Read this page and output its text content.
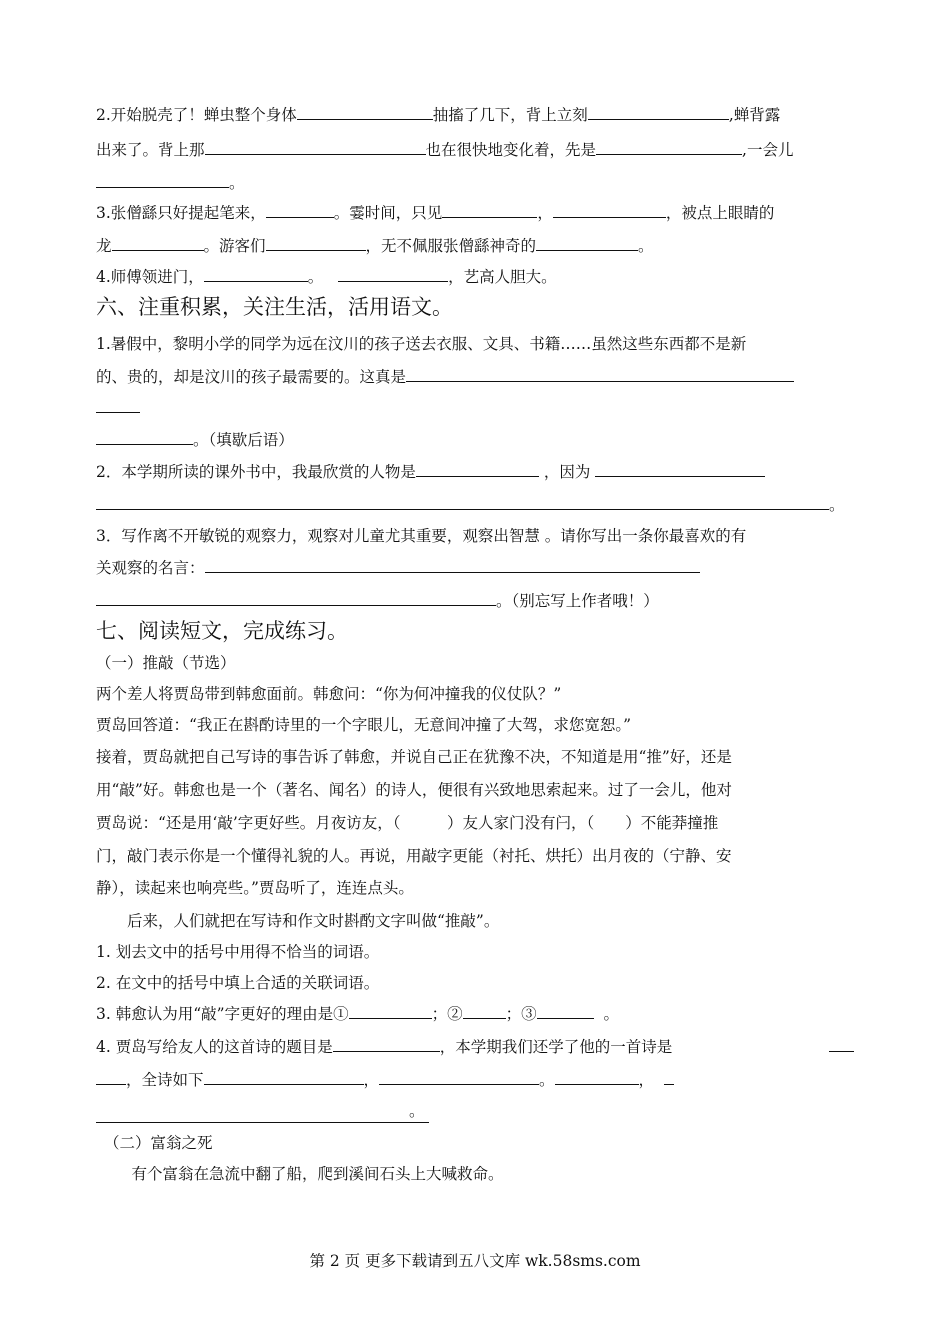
2.开始脱壳了！蝉虫整个身体	抽搐了几下，背上立刻	,蝉背露
出来了。背上那	也在很快地变化着，先是	,一会儿
。
3.张僧繇只好提起笔来，	。霎时间，只见	，	，被点上眼睛的
龙	。游客们	，无不佩服张僧繇神奇的	。
4.师傅领进门，	。	，艺高人胆大。
六、注重积累，关注生活，活用语文。
1.暑假中，黎明小学的同学为远在汶川的孩子送去衣服、文具、书籍……虽然这些东西都不是新
的、贵的，却是汶川的孩子最需要的。这真是
。（填歇后语）
2．本学期所读的课外书中，我最欣赏的人物是	，因为
。
3．写作离不开敏锐的观察力，观察对儿童尤其重要，观察出智慧 。请你写出一条你最喜欢的有
关观察的名言：
。（别忘写上作者哦！）
七、阅读短文，完成练习。
（一）推敲（节选）
两个差人将贾岛带到韩愈面前。韩愈问：“你为何冲撞我的仪仗队？”
贾岛回答道：“我正在斟酌诗里的一个字眼儿，无意间冲撞了大驾，求您宽恕。”
接着，贾岛就把自己写诗的事告诉了韩愈，并说自己正在犹豫不决，不知道是用“推”好，还是
用“敲”好。韩愈也是一个（著名、闻名）的诗人，便很有兴致地思索起来。过了一会儿，他对
贾岛说：“还是用‘敲’字更好些。月夜访友，（　　　）友人家门没有闩，（　　）不能莽撞推
门，敲门表示你是一个懂得礼貌的人。再说，用敲字更能（衬托、烘托）出月夜的（宁静、安
静），读起来也响亮些。”贾岛听了，连连点头。
　　后来，人们就把在写诗和作文时斟酌文字叫做“推敲”。
1. 划去文中的括号中用得不恰当的词语。
2. 在文中的括号中填上合适的关联词语。
3. 韩愈认为用“敲”字更好的理由是①	；②	；③	。
4. 贾岛写给友人的这首诗的题目是	，本学期我们还学了他的一首诗是
，全诗如下	，	。	，
。
（二）富翁之死
　有个富翁在急流中翻了船，爬到溪间石头上大喊救命。
第 2 页 更多下载请到五八文库 wk.58sms.com
